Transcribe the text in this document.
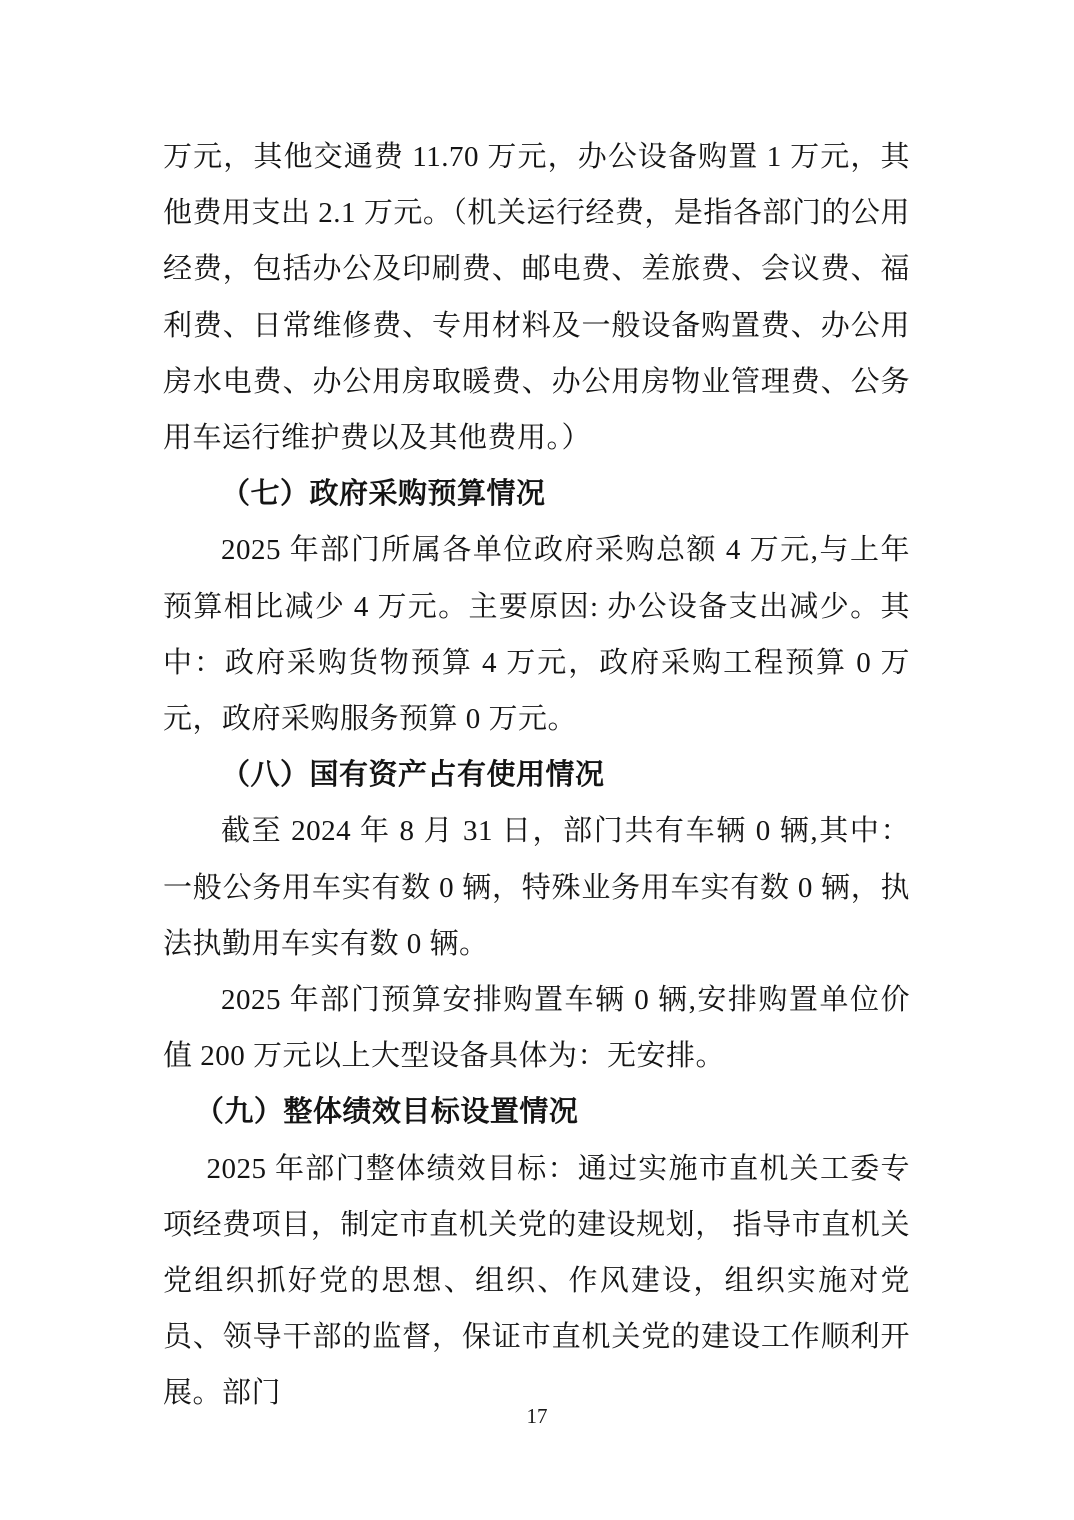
万元，其他交通费 11.70 万元，办公设备购置 1 万元，其他费用支出 2.1 万元。（机关运行经费，是指各部门的公用经费，包括办公及印刷费、邮电费、差旅费、会议费、福利费、日常维修费、专用材料及一般设备购置费、办公用房水电费、办公用房取暖费、办公用房物业管理费、公务用车运行维护费以及其他费用。）

（七）政府采购预算情况

2025 年部门所属各单位政府采购总额 4 万元,与上年预算相比减少 4 万元。主要原因: 办公设备支出减少。其中：政府采购货物预算 4 万元，政府采购工程预算 0 万元，政府采购服务预算 0 万元。

（八）国有资产占有使用情况

截至 2024 年 8 月 31 日，部门共有车辆 0 辆,其中：一般公务用车实有数 0 辆，特殊业务用车实有数 0 辆，执法执勤用车实有数 0 辆。

2025 年部门预算安排购置车辆 0 辆,安排购置单位价值 200 万元以上大型设备具体为：无安排。

（九）整体绩效目标设置情况

2025 年部门整体绩效目标：通过实施市直机关工委专项经费项目，制定市直机关党的建设规划， 指导市直机关党组织抓好党的思想、组织、作风建设，组织实施对党员、领导干部的监督，保证市直机关党的建设工作顺利开展。部门

17
